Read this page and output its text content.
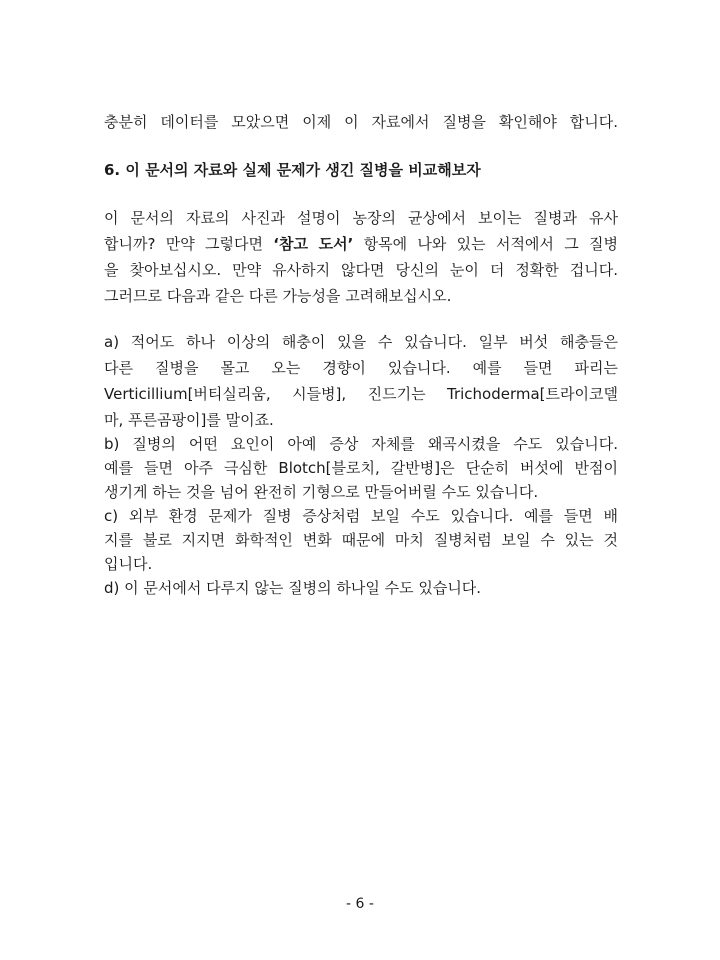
충분히 데이터를 모았으면 이제 이 자료에서 질병을 확인해야 합니다.
6. 이 문서의 자료와 실제 문제가 생긴 질병을 비교해보자
이 문서의 자료의 사진과 설명이 농장의 균상에서 보이는 질병과 유사
합니까? 만약 그렇다면 ‘참고 도서’ 항목에 나와 있는 서적에서 그 질병
을 찾아보십시오. 만약 유사하지 않다면 당신의 눈이 더 정확한 겁니다.
그러므로 다음과 같은 다른 가능성을 고려해보십시오.
a) 적어도 하나 이상의 해충이 있을 수 있습니다. 일부 버섯 해충들은
다른 질병을 몰고 오는 경향이 있습니다. 예를 들면 파리는
Verticillium[버티실리움, 시들병], 진드기는 Trichoderma[트라이코델
마, 푸른곰팡이]를 말이죠.
b) 질병의 어떤 요인이 아예 증상 자체를 왜곡시켰을 수도 있습니다.
예를 들면 아주 극심한 Blotch[블로치, 갈반병]은 단순히 버섯에 반점이
생기게 하는 것을 넘어 완전히 기형으로 만들어버릴 수도 있습니다.
c) 외부 환경 문제가 질병 증상처럼 보일 수도 있습니다. 예를 들면 배
지를 불로 지지면 화학적인 변화 때문에 마치 질병처럼 보일 수 있는 것
입니다.
d) 이 문서에서 다루지 않는 질병의 하나일 수도 있습니다.
- 6 -
